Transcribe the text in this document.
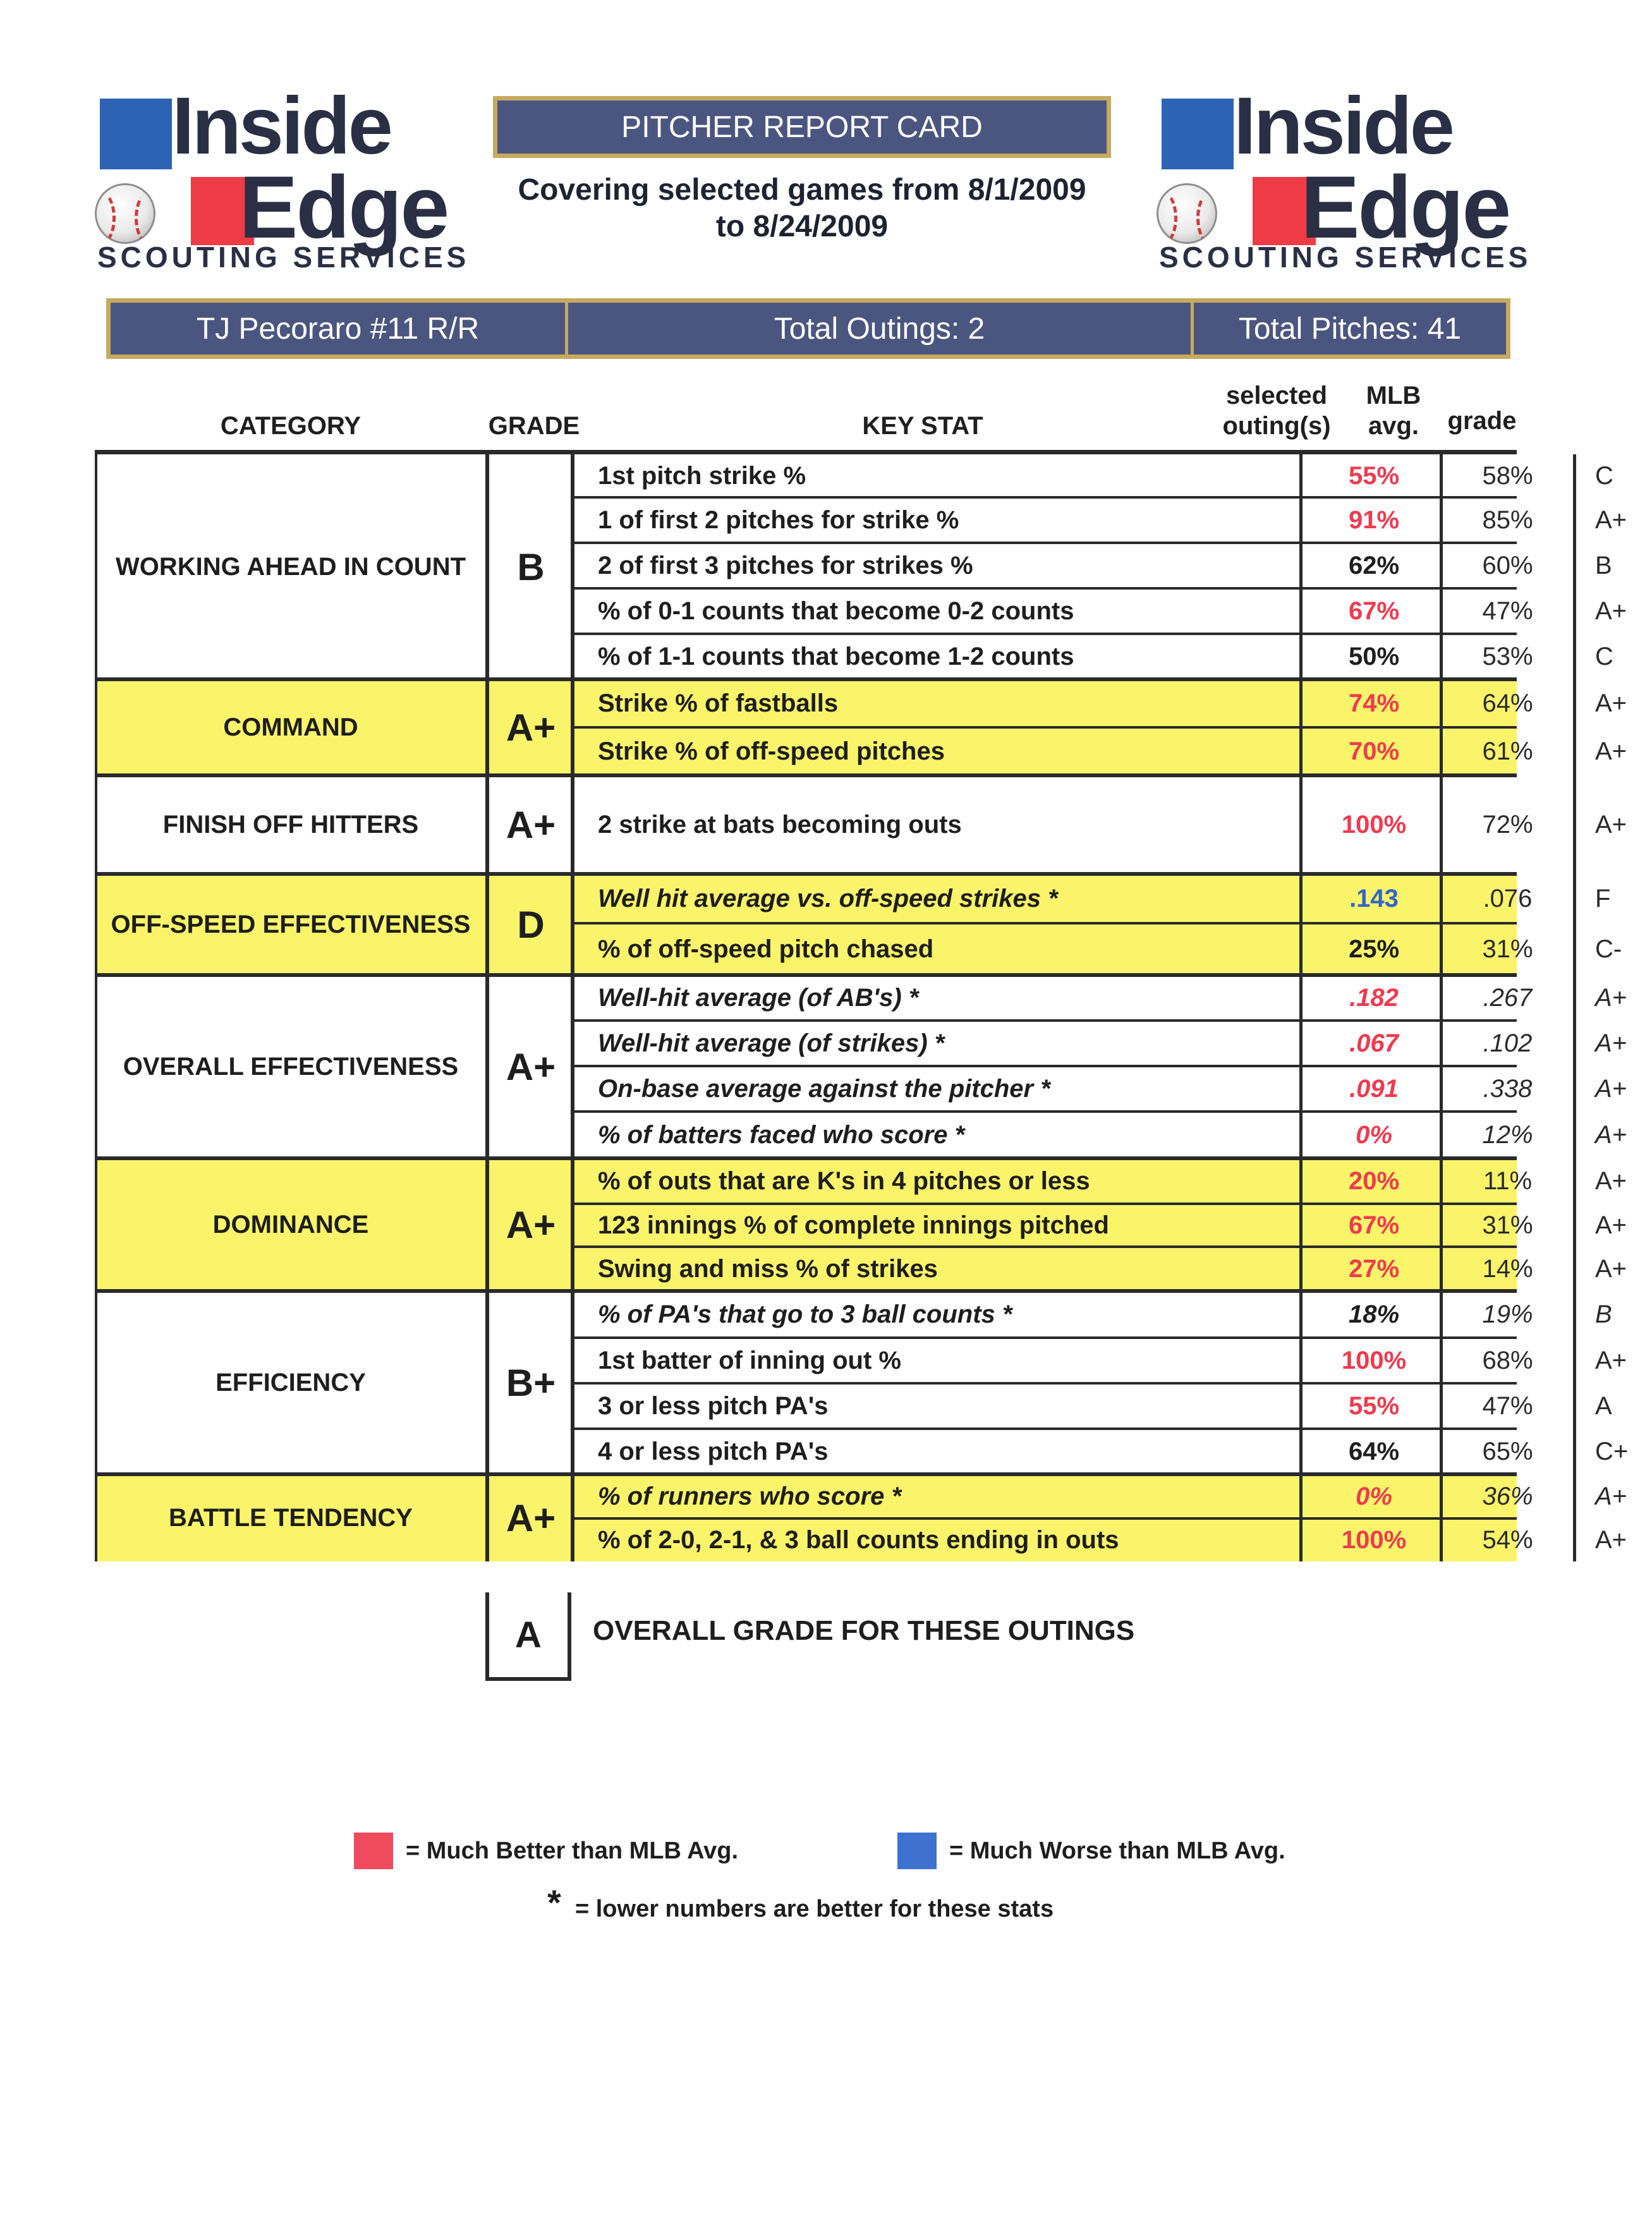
Inside
Edge
SCOUTING SERVICES
PITCHER REPORT CARD
Covering selected games from 8/1/2009
to 8/24/2009
Inside
Edge
SCOUTING SERVICES
TJ Pecoraro #11 R/R	Total Outings: 2	Total Pitches: 41
CATEGORY	GRADE	KEY STAT
selected
outing(s)
MLB
avg.	grade
WORKING AHEAD IN COUNT	B
1st pitch strike %	55%	58%	C
1 of first 2 pitches for strike %	91%	85%	A+
2 of first 3 pitches for strikes %	62%	60%	B
% of 0-1 counts that become 0-2 counts	67%	47%	A+
% of 1-1 counts that become 1-2 counts	50%	53%	C
COMMAND	A+
Strike % of fastballs	74%	64%	A+
Strike % of off-speed pitches	70%	61%	A+
FINISH OFF HITTERS	A+	2 strike at bats becoming outs	100%	72%	A+
OFF-SPEED EFFECTIVENESS	D
Well hit average vs. off-speed strikes *	.143	.076	F
% of off-speed pitch chased	25%	31%	C-
OVERALL EFFECTIVENESS	A+
Well-hit average (of AB's) *	.182	.267	A+
Well-hit average (of strikes) *	.067	.102	A+
On-base average against the pitcher *	.091	.338	A+
% of batters faced who score *	0%	12%	A+
DOMINANCE	A+
% of outs that are K's in 4 pitches or less	20%	11%	A+
123 innings % of complete innings pitched	67%	31%	A+
Swing and miss % of strikes	27%	14%	A+
EFFICIENCY	B+
% of PA's that go to 3 ball counts *	18%	19%	B
1st batter of inning out %	100%	68%	A+
3 or less pitch PA's	55%	47%	A
4 or less pitch PA's	64%	65%	C+
BATTLE TENDENCY	A+
% of runners who score *	0%	36%	A+
% of 2-0, 2-1, & 3 ball counts ending in outs	100%	54%	A+
A	OVERALL GRADE FOR THESE OUTINGS
= Much Better than MLB Avg.	= Much Worse than MLB Avg.
* = lower numbers are better for these stats
